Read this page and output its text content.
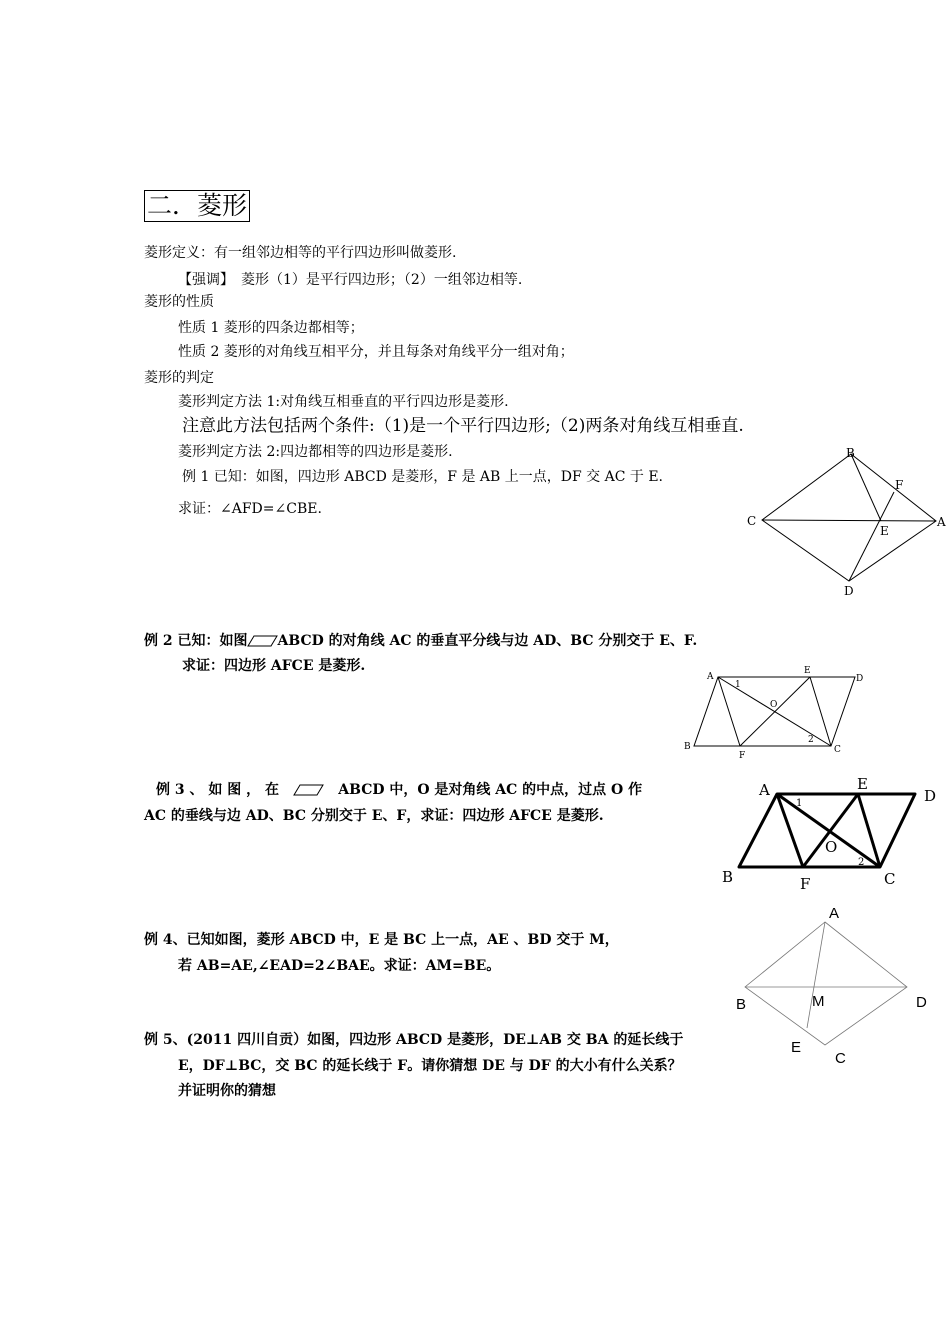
二．菱形
菱形定义：有一组邻边相等的平行四边形叫做菱形.
【强调】　菱形（1）是平行四边形；（2）一组邻边相等.
菱形的性质
性质 1 菱形的四条边都相等；
性质 2 菱形的对角线互相平分，并且每条对角线平分一组对角；
菱形的判定
菱形判定方法 1:对角线互相垂直的平行四边形是菱形.
注意此方法包括两个条件:（1)是一个平行四边形;（2)两条对角线互相垂直.
菱形判定方法 2:四边都相等的四边形是菱形.
例 1 已知：如图，四边形 ABCD 是菱形，F 是 AB 上一点，DF 交 AC 于 E.
求证：∠AFD=∠CBE.
B
F
C	A
E
D
例 2 已知：如图 ABCD 的对角线 AC 的垂直平分线与边 AD、BC 分别交于 E、F.
求证：四边形 AFCE 是菱形.
A
1
E
D
O
2
B
F
C
例 3 、 如 图 ， 在	ABCD 中，O 是对角线 AC 的中点，过点 O 作
AC 的垂线与边 AD、BC 分别交于 E、F，求证：四边形 AFCE 是菱形.
A
1
E
D
O
2
B	F	C
例 4、已知如图，菱形 ABCD 中，E 是 BC 上一点，AE 、BD 交于 M，
若 AB=AE,∠EAD=2∠BAE。求证：AM=BE。
A
B	M	D
E
C
例 5、(2011 四川自贡）如图，四边形 ABCD 是菱形，DE⊥AB 交 BA 的延长线于
E，DF⊥BC，交 BC 的延长线于 F。请你猜想 DE 与 DF 的大小有什么关系？
并证明你的猜想
